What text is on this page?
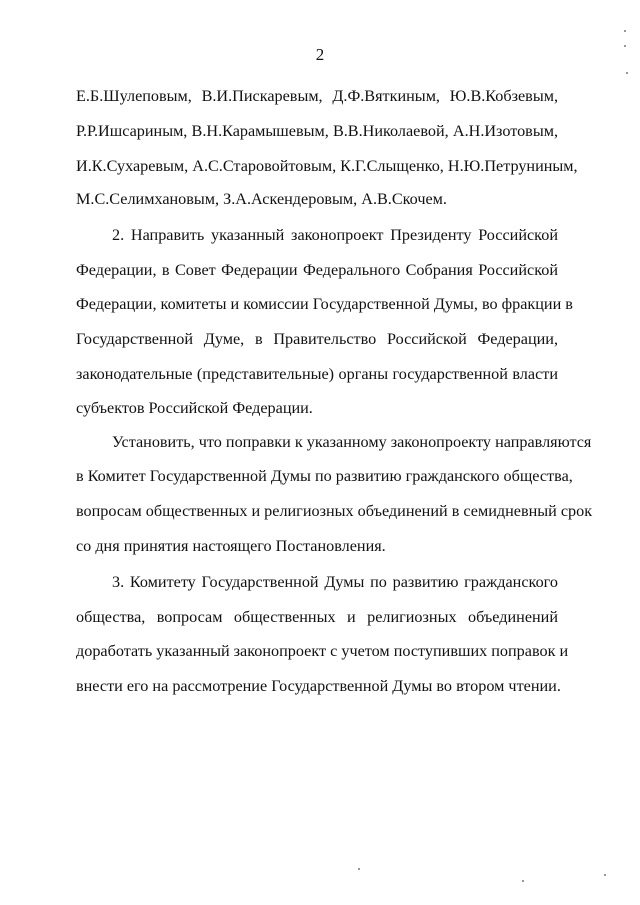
2
Е.Б.Шулеповым, В.И.Пискаревым, Д.Ф.Вяткиным, Ю.В.Кобзевым,
Р.Р.Ишсариным, В.Н.Карамышевым, В.В.Николаевой, А.Н.Изотовым,
И.К.Сухаревым, А.С.Старовойтовым, К.Г.Слыщенко, Н.Ю.Петруниным,
М.С.Селимхановым, З.А.Аскендеровым, А.В.Скочем.
2. Направить указанный законопроект Президенту Российской
Федерации, в Совет Федерации Федерального Собрания Российской
Федерации, комитеты и комиссии Государственной Думы, во фракции в
Государственной Думе, в Правительство Российской Федерации,
законодательные (представительные) органы государственной власти
субъектов Российской Федерации.
Установить, что поправки к указанному законопроекту направляются
в Комитет Государственной Думы по развитию гражданского общества,
вопросам общественных и религиозных объединений в семидневный срок
со дня принятия настоящего Постановления.
3. Комитету Государственной Думы по развитию гражданского
общества, вопросам общественных и религиозных объединений
доработать указанный законопроект с учетом поступивших поправок и
внести его на рассмотрение Государственной Думы во втором чтении.
